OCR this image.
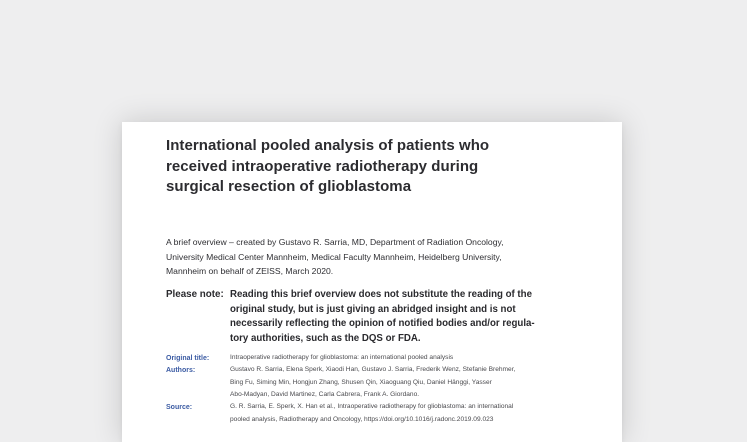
International pooled analysis of patients who
received intraoperative radiotherapy during
surgical resection of glioblastoma
A brief overview – created by Gustavo R. Sarria, MD, Department of Radiation Oncology,
University Medical Center Mannheim, Medical Faculty Mannheim, Heidelberg University,
Mannheim on behalf of ZEISS, March 2020.
Please note: Reading this brief overview does not substitute the reading of the
original study, but is just giving an abridged insight and is not
necessarily reflecting the opinion of notified bodies and/or regula-
tory authorities, such as the DQS or FDA.
Original title:	Intraoperative radiotherapy for glioblastoma: an international pooled analysis
Authors:	Gustavo R. Sarria, Elena Sperk, Xiaodi Han, Gustavo J. Sarria, Frederik Wenz, Stefanie Brehmer,
Bing Fu, Siming Min, Hongjun Zhang, Shusen Qin, Xiaoguang Qiu, Daniel Hänggi, Yasser
Abo-Madyan, David Martinez, Carla Cabrera, Frank A. Giordano.
Source:	G. R. Sarria, E. Sperk, X. Han et al., Intraoperative radiotherapy for glioblastoma: an international
pooled analysis, Radiotherapy and Oncology, https://doi.org/10.1016/j.radonc.2019.09.023
